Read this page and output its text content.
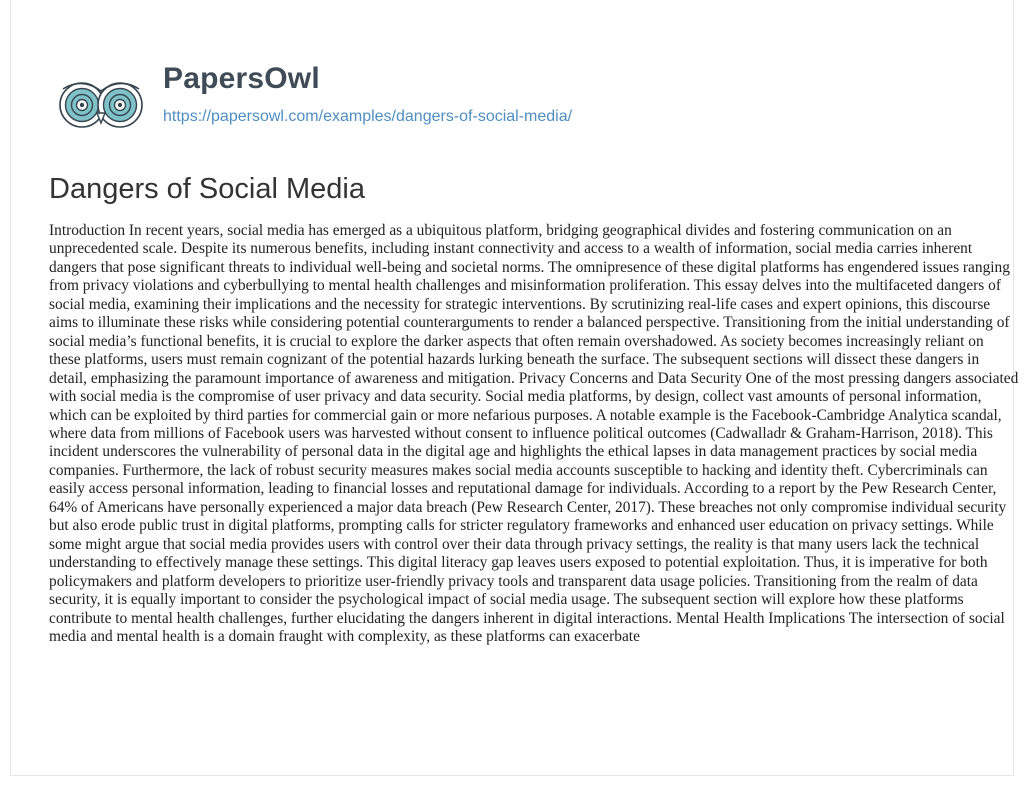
PapersOwl
https://papersowl.com/examples/dangers-of-social-media/
Dangers of Social Media

Introduction In recent years, social media has emerged as a ubiquitous platform, bridging geographical divides and fostering communication on an unprecedented scale. Despite its numerous benefits, including instant connectivity and access to a wealth of information, social media carries inherent dangers that pose significant threats to individual well-being and societal norms. The omnipresence of these digital platforms has engendered issues ranging from privacy violations and cyberbullying to mental health challenges and misinformation proliferation. This essay delves into the multifaceted dangers of social media, examining their implications and the necessity for strategic interventions. By scrutinizing real-life cases and expert opinions, this discourse aims to illuminate these risks while considering potential counterarguments to render a balanced perspective. Transitioning from the initial understanding of social media’s functional benefits, it is crucial to explore the darker aspects that often remain overshadowed. As society becomes increasingly reliant on these platforms, users must remain cognizant of the potential hazards lurking beneath the surface. The subsequent sections will dissect these dangers in detail, emphasizing the paramount importance of awareness and mitigation. Privacy Concerns and Data Security One of the most pressing dangers associated with social media is the compromise of user privacy and data security. Social media platforms, by design, collect vast amounts of personal information, which can be exploited by third parties for commercial gain or more nefarious purposes. A notable example is the Facebook-Cambridge Analytica scandal, where data from millions of Facebook users was harvested without consent to influence political outcomes (Cadwalladr & Graham-Harrison, 2018). This incident underscores the vulnerability of personal data in the digital age and highlights the ethical lapses in data management practices by social media companies. Furthermore, the lack of robust security measures makes social media accounts susceptible to hacking and identity theft. Cybercriminals can easily access personal information, leading to financial losses and reputational damage for individuals. According to a report by the Pew Research Center, 64% of Americans have personally experienced a major data breach (Pew Research Center, 2017). These breaches not only compromise individual security but also erode public trust in digital platforms, prompting calls for stricter regulatory frameworks and enhanced user education on privacy settings. While some might argue that social media provides users with control over their data through privacy settings, the reality is that many users lack the technical understanding to effectively manage these settings. This digital literacy gap leaves users exposed to potential exploitation. Thus, it is imperative for both policymakers and platform developers to prioritize user-friendly privacy tools and transparent data usage policies. Transitioning from the realm of data security, it is equally important to consider the psychological impact of social media usage. The subsequent section will explore how these platforms contribute to mental health challenges, further elucidating the dangers inherent in digital interactions. Mental Health Implications The intersection of social media and mental health is a domain fraught with complexity, as these platforms can exacerbate
